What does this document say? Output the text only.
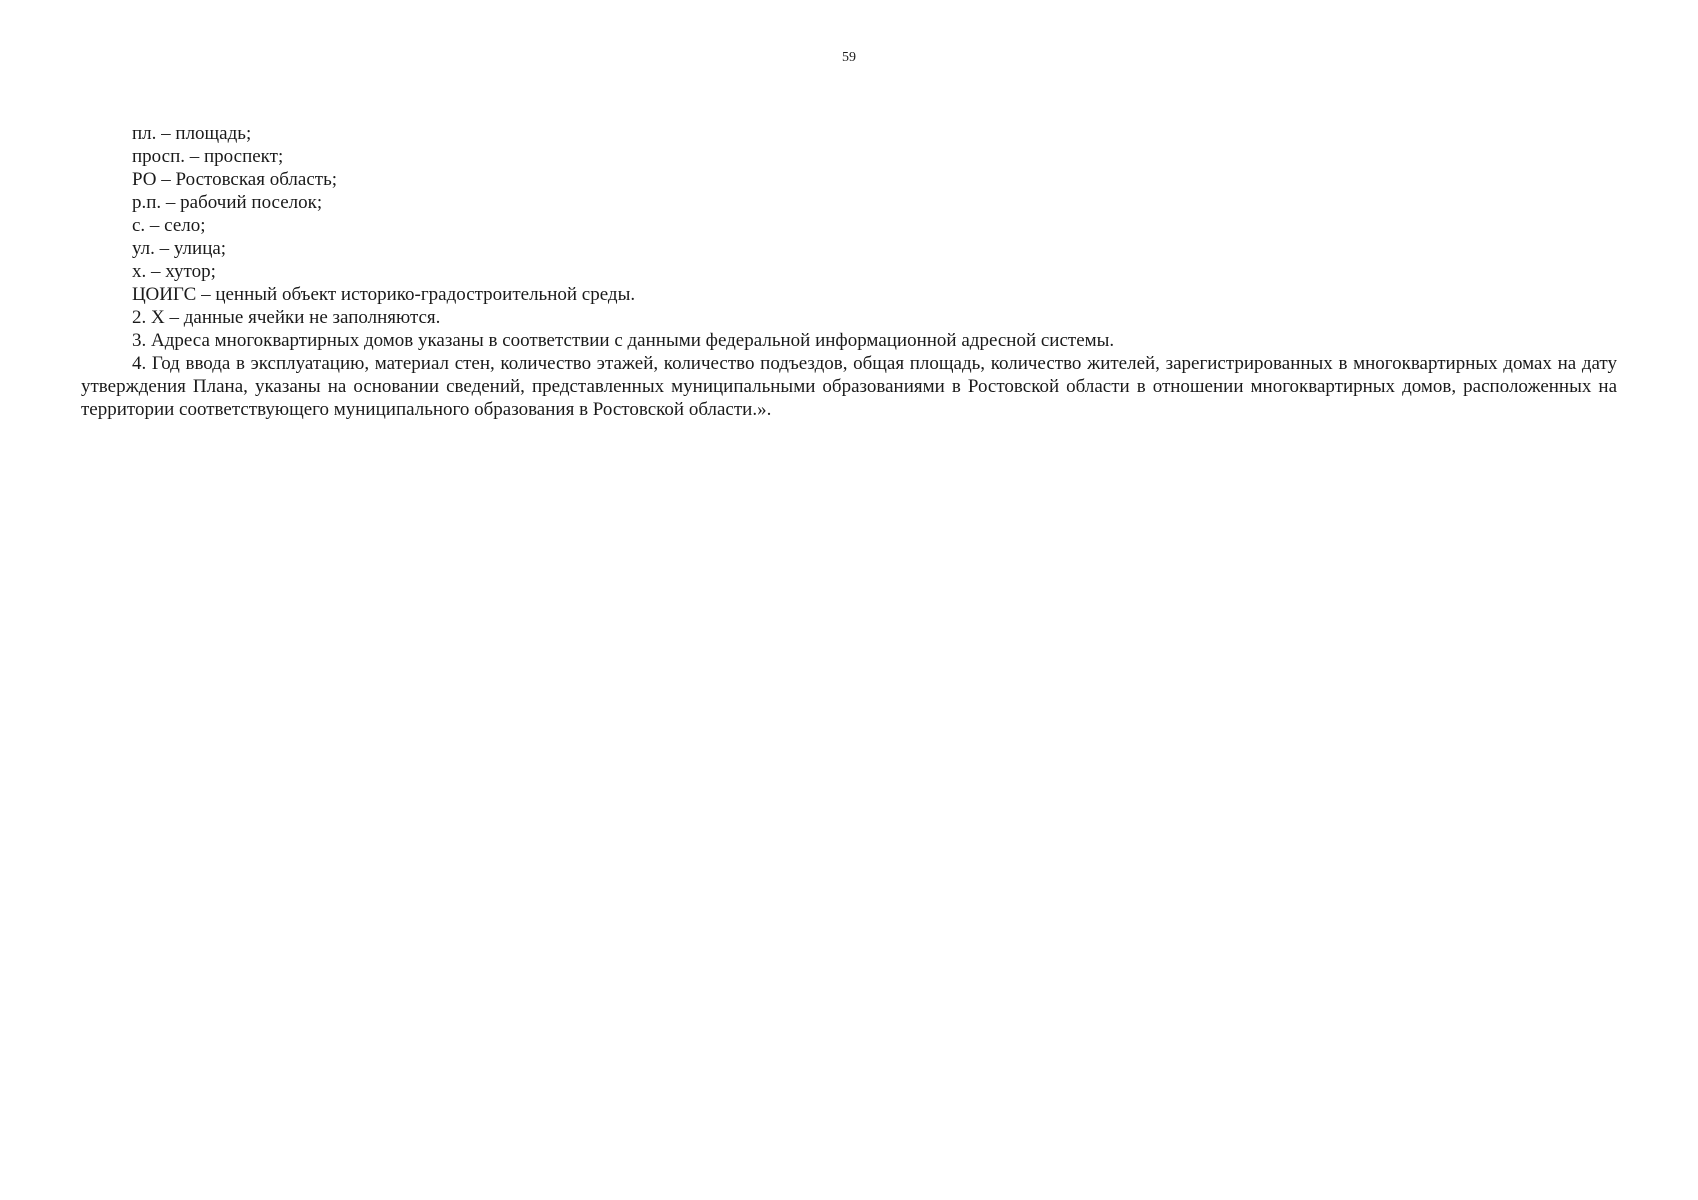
59

пл. – площадь;

просп. – проспект;

РО – Ростовская область;

р.п. – рабочий поселок;

с. – село;

ул. – улица;

х. – хутор;

ЦОИГС – ценный объект историко-градостроительной среды.

2. Х – данные ячейки не заполняются.

3. Адреса многоквартирных домов указаны в соответствии с данными федеральной информационной адресной системы.

4. Год ввода в эксплуатацию, материал стен, количество этажей, количество подъездов, общая площадь, количество жителей, зарегистрированных в многоквартирных домах на дату утверждения Плана, указаны на основании сведений, представленных муниципальными образованиями в Ростовской области в отношении многоквартирных домов, расположенных на территории соответствующего муниципального образования в Ростовской области.».
